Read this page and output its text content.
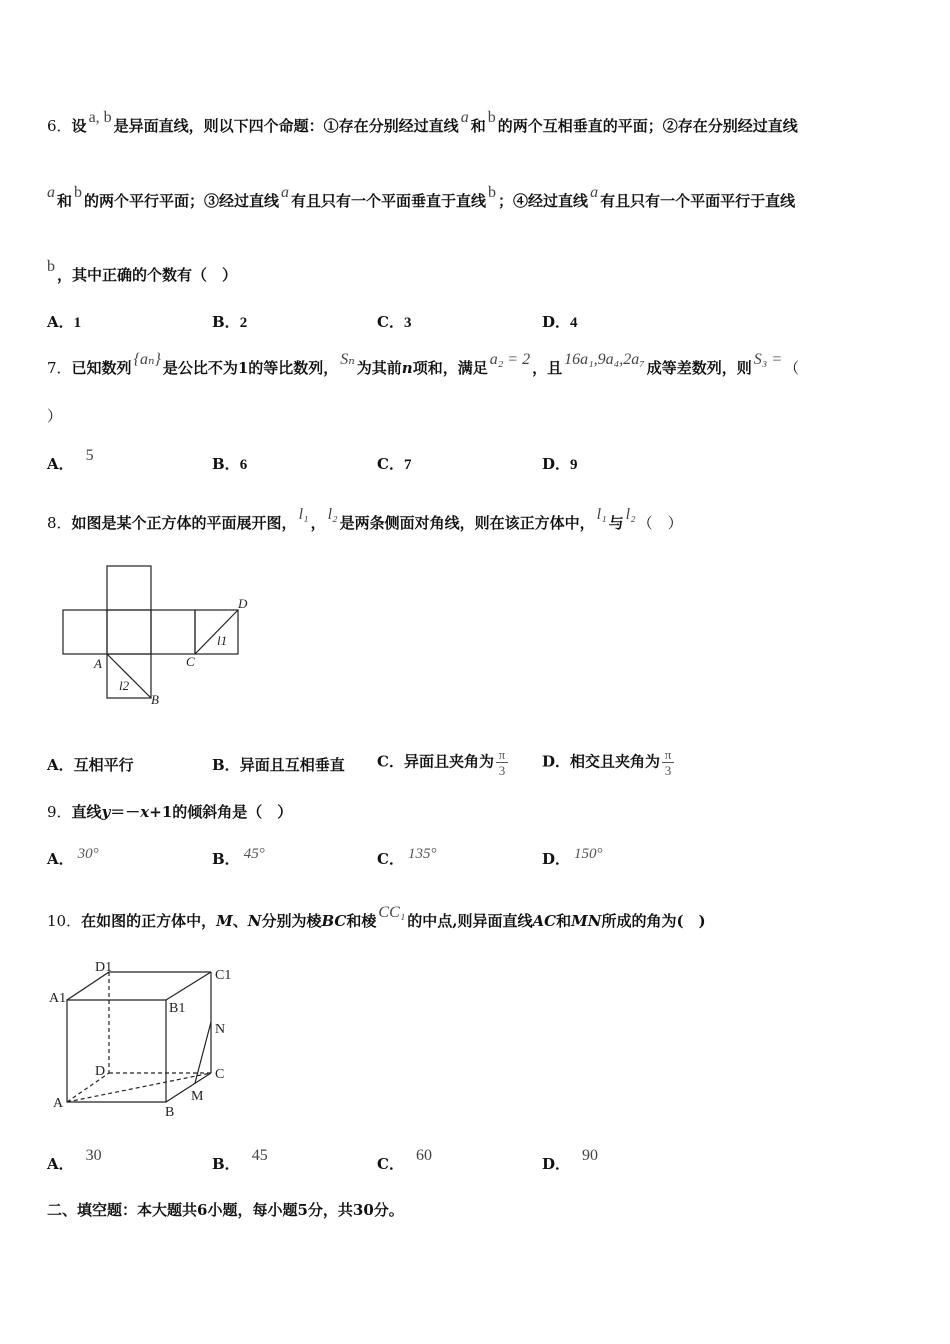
6．设 a, b 是异面直线，则以下四个命题：①存在分别经过直线 a 和 b 的两个互相垂直的平面；②存在分别经过直线
a 和 b 的两个平行平面；③经过直线 a 有且只有一个平面垂直于直线 b ；④经过直线 a 有且只有一个平面平行于直线
b ，其中正确的个数有（　）
A．1	B．2	C．3	D．4
7．已知数列 {aₙ} 是公比不为1的等比数列， Sₙ 为其前n项和，满足 a₂ = 2 ，且 16a₁,9a₄,2a₇ 成等差数列，则 S₃ = （
）
A． 5	B．6	C．7	D．9
8．如图是某个正方体的平面展开图， l₁ ， l₂ 是两条侧面对角线，则在该正方体中， l₁ 与 l₂ （　）
D
l1
A	C
l2
B
A．互相平行	B．异面且互相垂直 C．异面且夹角为 $\frac{\pi}{3}$ D．相交且夹角为 $\frac{\pi}{3}$
9．直线y＝－x+1的倾斜角是（　）
A． 30°	B． 45°	C． 135°	D． 150°
10．在如图的正方体中，M、N分别为棱BC和棱 CC₁ 的中点,则异面直线AC和MN所成的角为(　)
D1
C1
A1
B1
N
D	C
A	M
B
A． 30	B． 45	C． 60	D． 90
二、填空题：本大题共6小题，每小题5分，共30分。
